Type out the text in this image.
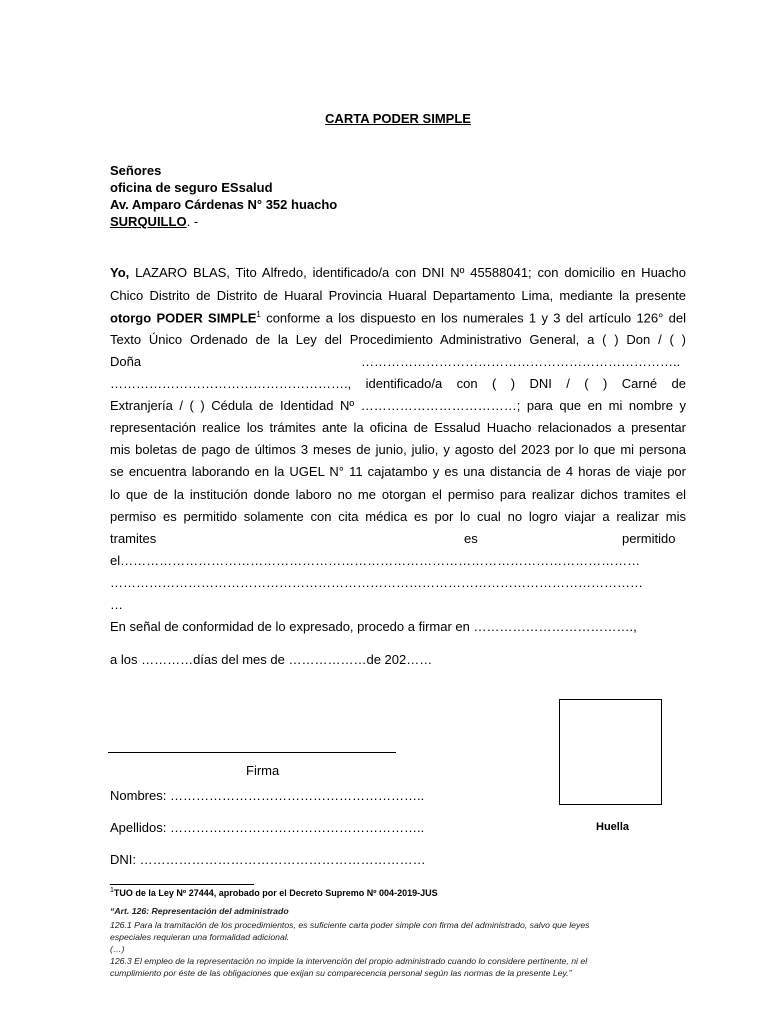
CARTA PODER SIMPLE
Señores
oficina de seguro ESsalud
Av. Amparo Cárdenas N° 352 huacho
SURQUILLO. -
Yo, LAZARO BLAS, Tito Alfredo, identificado/a con DNI Nº 45588041; con domicilio en Huacho
Chico Distrito de Distrito de Huaral Provincia Huaral Departamento Lima, mediante la presente
otorgo PODER SIMPLE$^1$ conforme a los dispuesto en los numerales 1 y 3 del artículo 126° del
Texto Único Ordenado de la Ley del Procedimiento Administrativo General, a ( ) Don / ( )
Doña	………………………………………………………………..
………………………………………………., identificado/a con ( ) DNI / ( ) Carné de
Extranjería / ( ) Cédula de Identidad Nº ………………………………; para que en mi nombre y
representación realice los trámites ante la oficina de Essalud Huacho relacionados a presentar
mis boletas de pago de últimos 3 meses de junio, julio, y agosto del 2023 por lo que mi persona
se encuentra laborando en la UGEL N° 11 cajatambo y es una distancia de 4 horas de viaje por
lo que de la institución donde laboro no me otorgan el permiso para realizar dichos tramites el
permiso es permitido solamente con cita médica es por lo cual no logro viajar a realizar mis
tramites	es	permitido
el…………………………………………………………………………………………………………
……………………………………………………………………………………………………………
…
En señal de conformidad de lo expresado, procedo a firmar en ……………………………….,
a los …………días del mes de ………………de 202……
Firma
Nombres: …………………………………………………..
Apellidos: …………………………………………………..	Huella
DNI: …………………………………………………………
$^1$TUO de la Ley Nº 27444, aprobado por el Decreto Supremo Nº 004-2019-JUS
“Art. 126: Representación del administrado
126.1 Para la tramitación de los procedimientos, es suficiente carta poder simple con firma del administrado, salvo que leyes
especiales requieran una formalidad adicional.
(…)
126.3 El empleo de la representación no impide la intervención del propio administrado cuando lo considere pertinente, ni el
cumplimiento por éste de las obligaciones que exijan su comparecencia personal según las normas de la presente Ley.”
